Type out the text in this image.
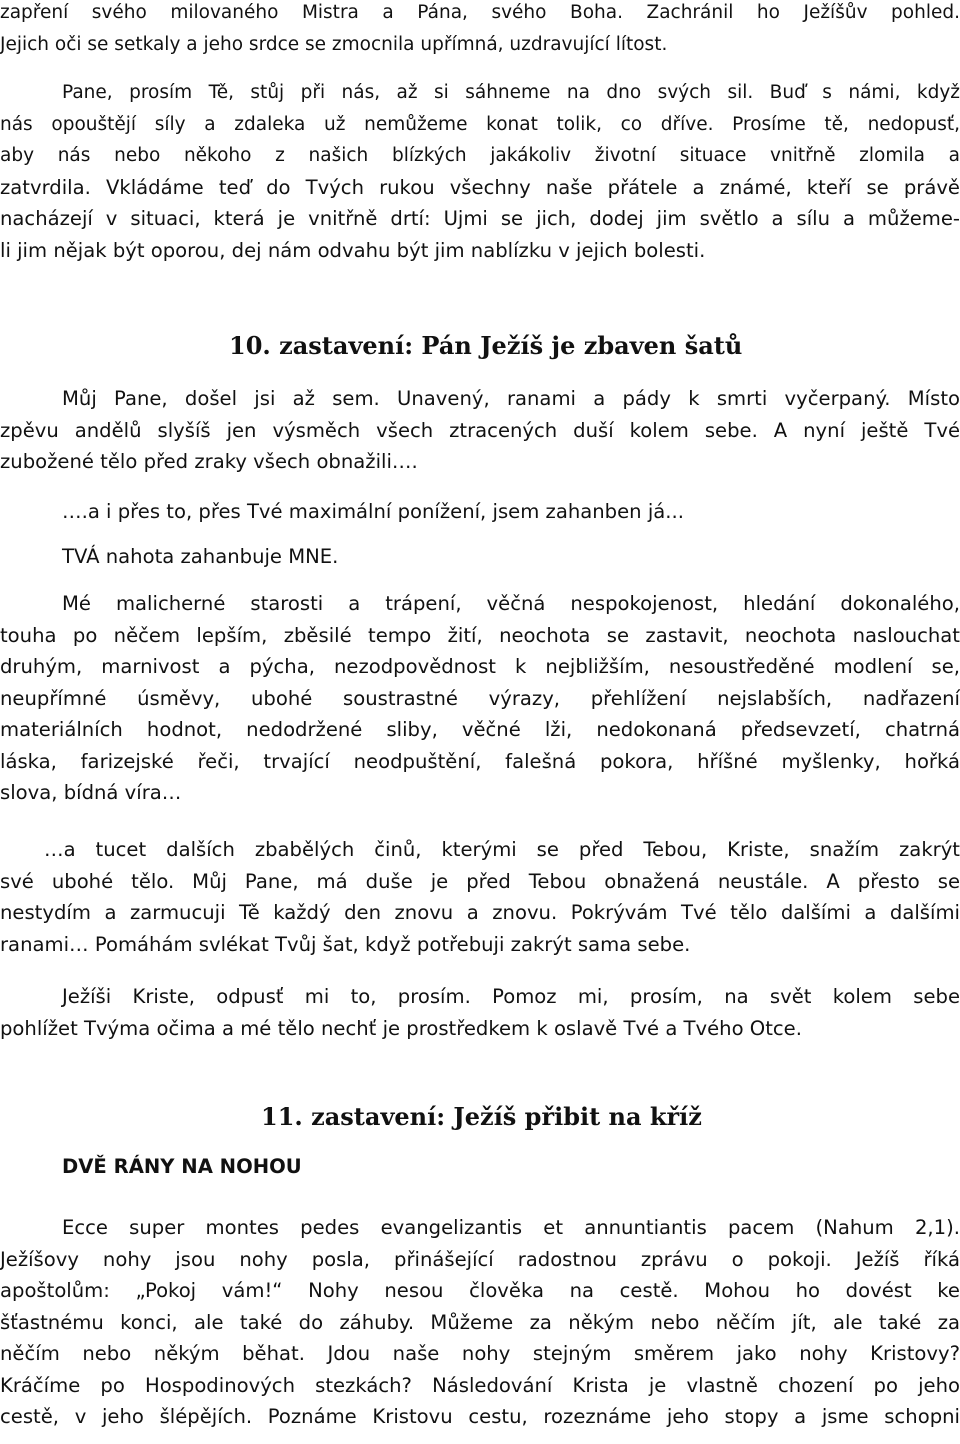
zapření svého milovaného Mistra a Pána, svého Boha. Zachránil ho Ježíšův pohled.
Jejich oči se setkaly a jeho srdce se zmocnila upřímná, uzdravující lítost.
Pane, prosím Tě, stůj při nás, až si sáhneme na dno svých sil. Buď s námi, když
nás opouštějí síly a zdaleka už nemůžeme konat tolik, co dříve. Prosíme tě, nedopusť,
aby nás nebo někoho z našich blízkých jakákoliv životní situace vnitřně zlomila a
zatvrdila. Vkládáme teď do Tvých rukou všechny naše přátele a známé, kteří se právě
nacházejí v situaci, která je vnitřně drtí: Ujmi se jich, dodej jim světlo a sílu a můžeme-
li jim nějak být oporou, dej nám odvahu být jim nablízku v jejich bolesti.
10. zastavení: Pán Ježíš je zbaven šatů
Můj Pane, došel jsi až sem. Unavený, ranami a pády k smrti vyčerpaný. Místo
zpěvu andělů slyšíš jen výsměch všech ztracených duší kolem sebe. A nyní ještě Tvé
zubožené tělo před zraky všech obnažili….
….a i přes to, přes Tvé maximální ponížení, jsem zahanben já...
TVÁ nahota zahanbuje MNE.
Mé malicherné starosti a trápení, věčná nespokojenost, hledání dokonalého,
touha po něčem lepším, zběsilé tempo žití, neochota se zastavit, neochota naslouchat
druhým, marnivost a pýcha, nezodpovědnost k nejbližším, nesoustředěné modlení se,
neupřímné úsměvy, ubohé soustrastné výrazy, přehlížení nejslabších, nadřazení
materiálních hodnot, nedodržené sliby, věčné lži, nedokonaná předsevzetí, chatrná
láska, farizejské řeči, trvající neodpuštění, falešná pokora, hříšné myšlenky, hořká
slova, bídná víra…
…a tucet dalších zbabělých činů, kterými se před Tebou, Kriste, snažím zakrýt
své ubohé tělo. Můj Pane, má duše je před Tebou obnažená neustále. A přesto se
nestydím a zarmucuji Tě každý den znovu a znovu. Pokrývám Tvé tělo dalšími a dalšími
ranami… Pomáhám svlékat Tvůj šat, když potřebuji zakrýt sama sebe.
Ježíši Kriste, odpusť mi to, prosím. Pomoz mi, prosím, na svět kolem sebe
pohlížet Tvýma očima a mé tělo nechť je prostředkem k oslavě Tvé a Tvého Otce.
11. zastavení: Ježíš přibit na kříž
DVĚ RÁNY NA NOHOU
Ecce super montes pedes evangelizantis et annuntiantis pacem (Nahum 2,1).
Ježíšovy nohy jsou nohy posla, přinášející radostnou zprávu o pokoji. Ježíš říká
apoštolům: „Pokoj vám!“ Nohy nesou člověka na cestě. Mohou ho dovést ke
šťastnému konci, ale také do záhuby. Můžeme za někým nebo něčím jít, ale také za
něčím nebo někým běhat. Jdou naše nohy stejným směrem jako nohy Kristovy?
Kráčíme po Hospodinových stezkách? Následování Krista je vlastně chození po jeho
cestě, v jeho šlépějích. Poznáme Kristovu cestu, rozeznáme jeho stopy a jsme schopni
